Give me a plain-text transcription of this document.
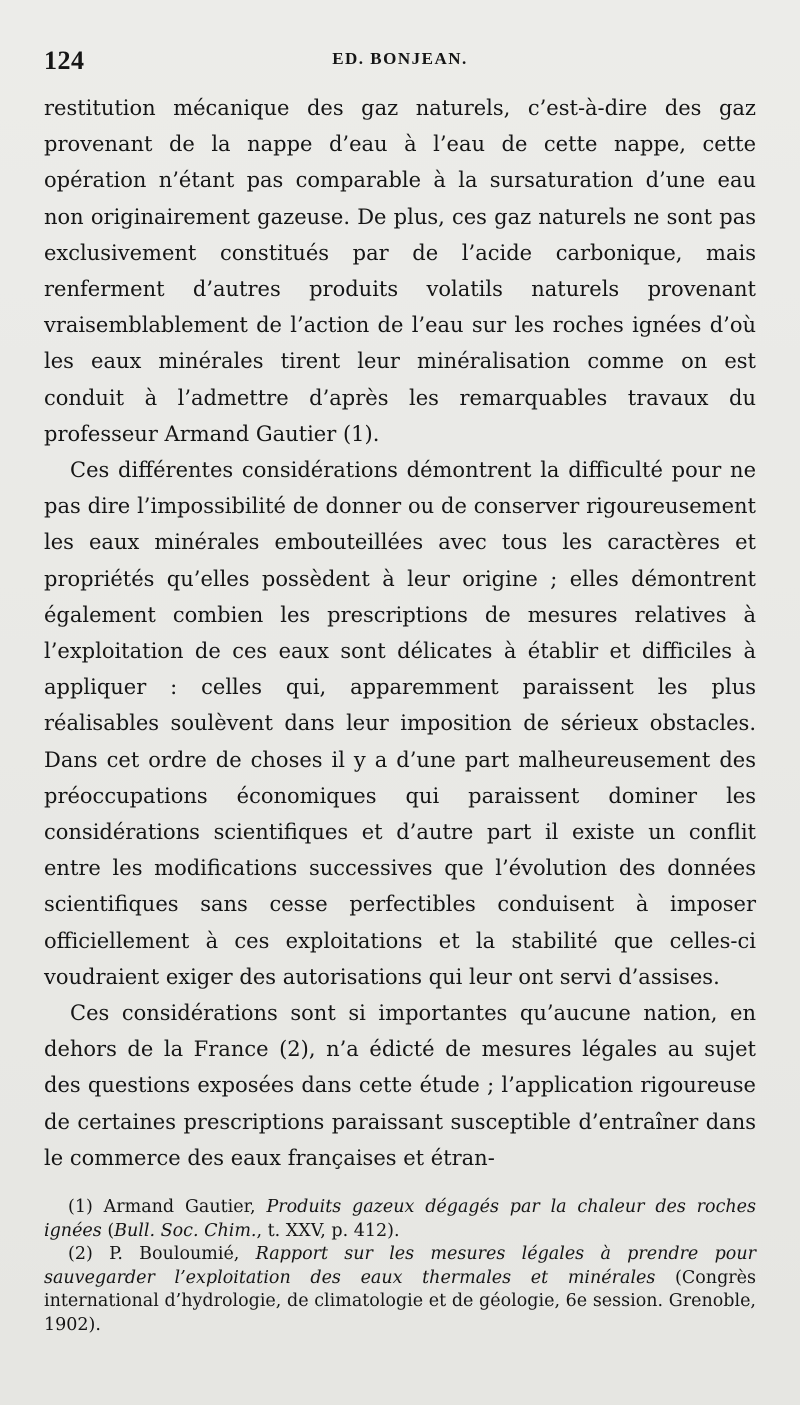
124	ED. BONJEAN.

restitution mécanique des gaz naturels, c’est-à-dire des gaz provenant de la nappe d’eau à l’eau de cette nappe, cette opération n’étant pas comparable à la sursaturation d’une eau non originairement gazeuse. De plus, ces gaz naturels ne sont pas exclusivement constitués par de l’acide carbonique, mais renferment d’autres produits volatils naturels provenant vraisemblablement de l’action de l’eau sur les roches ignées d’où les eaux minérales tirent leur minéralisation comme on est conduit à l’admettre d’après les remarquables travaux du professeur Armand Gautier (1).

Ces différentes considérations démontrent la difficulté pour ne pas dire l’impossibilité de donner ou de conserver rigoureusement les eaux minérales embouteillées avec tous les caractères et propriétés qu’elles possèdent à leur origine ; elles démontrent également combien les prescriptions de mesures relatives à l’exploitation de ces eaux sont délicates à établir et difficiles à appliquer : celles qui, apparemment paraissent les plus réalisables soulèvent dans leur imposition de sérieux obstacles. Dans cet ordre de choses il y a d’une part malheureusement des préoccupations économiques qui paraissent dominer les considérations scientifiques et d’autre part il existe un conflit entre les modifications successives que l’évolution des données scientifiques sans cesse perfectibles conduisent à imposer officiellement à ces exploitations et la stabilité que celles-ci voudraient exiger des autorisations qui leur ont servi d’assises.

Ces considérations sont si importantes qu’aucune nation, en dehors de la France (2), n’a édicté de mesures légales au sujet des questions exposées dans cette étude ; l’application rigoureuse de certaines prescriptions paraissant susceptible d’entraîner dans le commerce des eaux françaises et étran-

(1) Armand Gautier, Produits gazeux dégagés par la chaleur des roches ignées (Bull. Soc. Chim., t. XXV, p. 412).

(2) P. Bouloumié, Rapport sur les mesures légales à prendre pour sauvegarder l’exploitation des eaux thermales et minérales (Congrès international d’hydrologie, de climatologie et de géologie, 6e session. Grenoble, 1902).
